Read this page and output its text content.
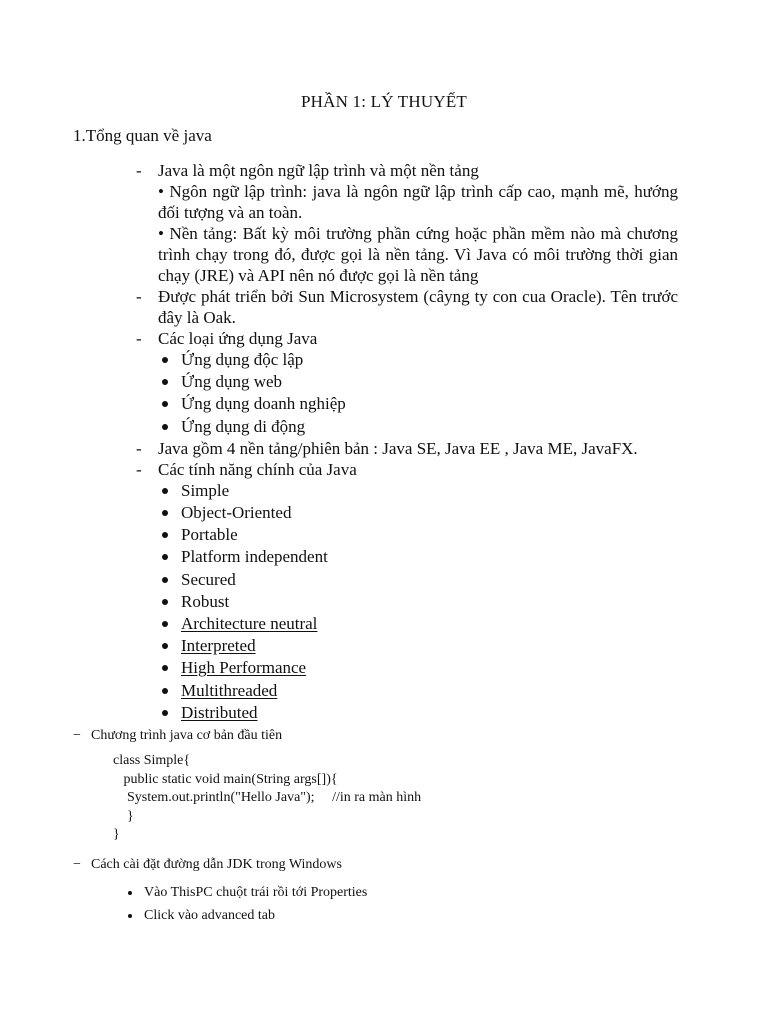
PHẦN 1: LÝ THUYẾT
1.Tổng quan về java
- Java là một ngôn ngữ lập trình và một nền tảng
• Ngôn ngữ lập trình: java là ngôn ngữ lập trình cấp cao, mạnh mẽ, hướng đối tượng và an toàn.
• Nền tảng: Bất kỳ môi trường phần cứng hoặc phần mềm nào mà chương trình chạy trong đó, được gọi là nền tảng. Vì Java có môi trường thời gian chạy (JRE) và API nên nó được gọi là nền tảng
- Được phát triển bởi Sun Microsystem (câyng ty con cua Oracle). Tên trước đây là Oak.
- Các loại ứng dụng Java
Ứng dụng độc lập
Ứng dụng web
Ứng dụng doanh nghiệp
Ứng dụng di động
- Java gồm 4 nền tảng/phiên bản : Java SE, Java EE , Java ME, JavaFX.
- Các tính năng chính của Java
Simple
Object-Oriented
Portable
Platform independent
Secured
Robust
Architecture neutral
Interpreted
High Performance
Multithreaded
Distributed
− Chương trình java cơ bản đầu tiên
class Simple{
public static void main(String args[]){
System.out.println("Hello Java");     //in ra màn hình
}
}
− Cách cài đặt đường dẫn JDK trong Windows
Vào ThisPC chuột trái rồi tới Properties
Click vào advanced tab
